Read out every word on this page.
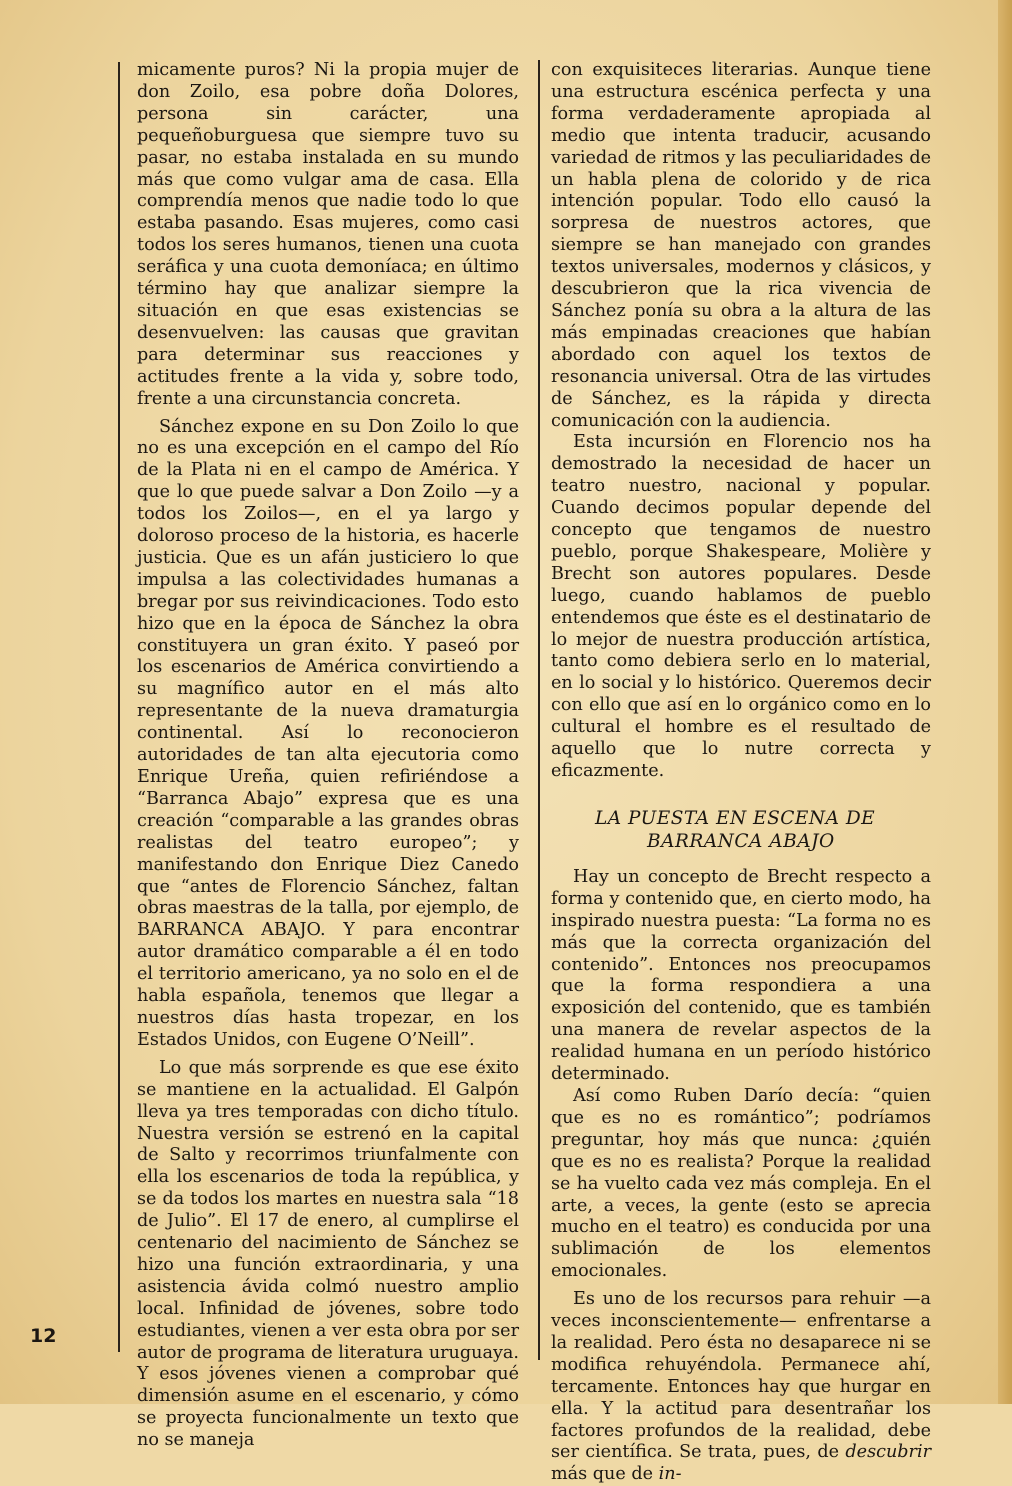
micamente puros? Ni la propia mujer de don Zoilo, esa pobre doña Dolores, persona sin carácter, una pequeñoburguesa que siempre tuvo su pasar, no estaba instalada en su mundo más que como vulgar ama de casa. Ella comprendía menos que nadie todo lo que estaba pasando. Esas mujeres, como casi todos los seres humanos, tienen una cuota seráfica y una cuota demoníaca; en último término hay que analizar siempre la situación en que esas existencias se desenvuelven: las causas que gravitan para determinar sus reacciones y actitudes frente a la vida y, sobre todo, frente a una circunstancia concreta.

Sánchez expone en su Don Zoilo lo que no es una excepción en el campo del Río de la Plata ni en el campo de América. Y que lo que puede salvar a Don Zoilo —y a todos los Zoilos—, en el ya largo y doloroso proceso de la historia, es hacerle justicia. Que es un afán justiciero lo que impulsa a las colectividades humanas a bregar por sus reivindicaciones. Todo esto hizo que en la época de Sánchez la obra constituyera un gran éxito. Y paseó por los escenarios de América convirtiendo a su magnífico autor en el más alto representante de la nueva dramaturgia continental. Así lo reconocieron autoridades de tan alta ejecutoria como Enrique Ureña, quien refiriéndose a “Barranca Abajo” expresa que es una creación “comparable a las grandes obras realistas del teatro europeo”; y manifestando don Enrique Diez Canedo que “antes de Florencio Sánchez, faltan obras maestras de la talla, por ejemplo, de BARRANCA ABAJO. Y para encontrar autor dramático comparable a él en todo el territorio americano, ya no solo en el de habla española, tenemos que llegar a nuestros días hasta tropezar, en los Estados Unidos, con Eugene O’Neill”.

Lo que más sorprende es que ese éxito se mantiene en la actualidad. El Galpón lleva ya tres temporadas con dicho título. Nuestra versión se estrenó en la capital de Salto y recorrimos triunfalmente con ella los escenarios de toda la república, y se da todos los martes en nuestra sala “18 de Julio”. El 17 de enero, al cumplirse el centenario del nacimiento de Sánchez se hizo una función extraordinaria, y una asistencia ávida colmó nuestro amplio local. Infinidad de jóvenes, sobre todo estudiantes, vienen a ver esta obra por ser autor de programa de literatura uruguaya. Y esos jóvenes vienen a comprobar qué dimensión asume en el escenario, y cómo se proyecta funcionalmente un texto que no se maneja

con exquisiteces literarias. Aunque tiene una estructura escénica perfecta y una forma verdaderamente apropiada al medio que intenta traducir, acusando variedad de ritmos y las peculiaridades de un habla plena de colorido y de rica intención popular. Todo ello causó la sorpresa de nuestros actores, que siempre se han manejado con grandes textos universales, modernos y clásicos, y descubrieron que la rica vivencia de Sánchez ponía su obra a la altura de las más empinadas creaciones que habían abordado con aquel los textos de resonancia universal. Otra de las virtudes de Sánchez, es la rápida y directa comunicación con la audiencia.

Esta incursión en Florencio nos ha demostrado la necesidad de hacer un teatro nuestro, nacional y popular. Cuando decimos popular depende del concepto que tengamos de nuestro pueblo, porque Shakespeare, Molière y Brecht son autores populares. Desde luego, cuando hablamos de pueblo entendemos que éste es el destinatario de lo mejor de nuestra producción artística, tanto como debiera serlo en lo material, en lo social y lo histórico. Queremos decir con ello que así en lo orgánico como en lo cultural el hombre es el resultado de aquello que lo nutre correcta y eficazmente.

LA PUESTA EN ESCENA DE
BARRANCA ABAJO

Hay un concepto de Brecht respecto a forma y contenido que, en cierto modo, ha inspirado nuestra puesta: “La forma no es más que la correcta organización del contenido”. Entonces nos preocupamos que la forma respondiera a una exposición del contenido, que es también una manera de revelar aspectos de la realidad humana en un período histórico determinado.

Así como Ruben Darío decía: “quien que es no es romántico”; podríamos preguntar, hoy más que nunca: ¿quién que es no es realista? Porque la realidad se ha vuelto cada vez más compleja. En el arte, a veces, la gente (esto se aprecia mucho en el teatro) es conducida por una sublimación de los elementos emocionales.

Es uno de los recursos para rehuir —a veces inconscientemente— enfrentarse a la realidad. Pero ésta no desaparece ni se modifica rehuyéndola. Permanece ahí, tercamente. Entonces hay que hurgar en ella. Y la actitud para desentrañar los factores profundos de la realidad, debe ser científica. Se trata, pues, de descubrir más que de in-

12
